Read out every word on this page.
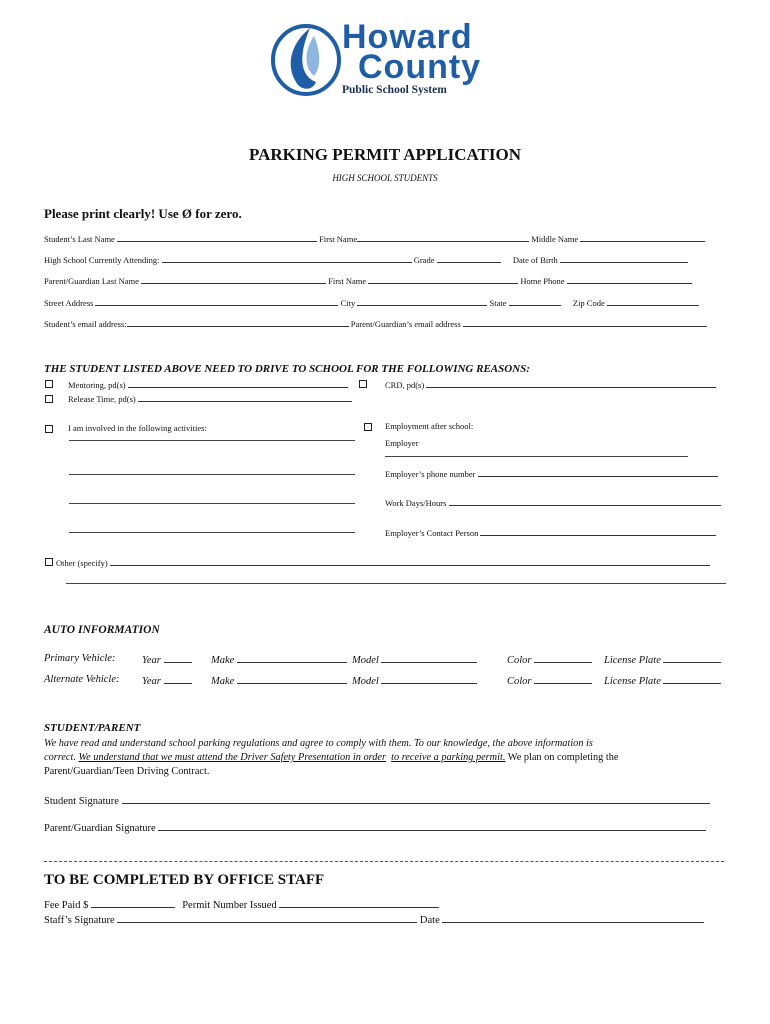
Howard
County
Public School System
PARKING PERMIT APPLICATION
HIGH SCHOOL STUDENTS
Please print clearly! Use Ø for zero.
Student’s Last Name	First Name	Middle Name
High School Currently Attending:	Grade	Date of Birth
Parent/Guardian Last Name	First Name	Home Phone
Street Address	City	State	Zip Code
Student’s email address:	Parent/Guardian’s email address
THE STUDENT LISTED ABOVE NEED TO DRIVE TO SCHOOL FOR THE FOLLOWING REASONS:
Mentoring, pd(s)	CRD, pd(s)
Release Time, pd(s)
I am involved in the following activities:	Employment after school:
Employer
Employer’s phone number
Work Days/Hours
Employer’s Contact Person
Other (specify)
AUTO INFORMATION
Primary Vehicle:	Year	Make	Model	Color	License Plate
Alternate Vehicle: Year	Make	Model	Color	License Plate
STUDENT/PARENT
We have read and understand school parking regulations and agree to comply with them. To our knowledge, the above information is
correct. We understand that we must attend the Driver Safety Presentation in order to receive a parking permit. We plan on completing the
Parent/Guardian/Teen Driving Contract.
Student Signature
Parent/Guardian Signature
TO BE COMPLETED BY OFFICE STAFF
Fee Paid $	Permit Number Issued
Staff’s Signature	Date
